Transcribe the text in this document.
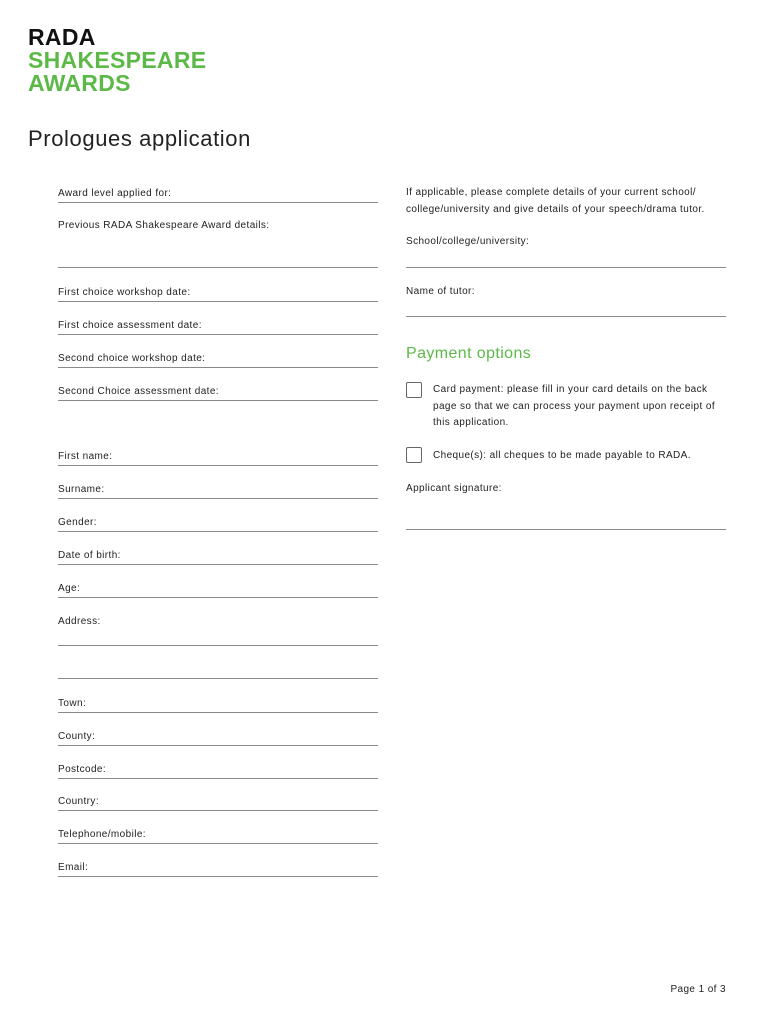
RADA
SHAKESPEARE
AWARDS
Prologues application
Award level applied for:
Previous RADA Shakespeare Award details:
First choice workshop date:
First choice assessment date:
Second choice workshop date:
Second Choice assessment date:
First name:
Surname:
Gender:
Date of birth:
Age:
Address:
Town:
County:
Postcode:
Country:
Telephone/mobile:
Email:
If applicable, please complete details of your current school/
college/university and give details of your speech/drama tutor.
School/college/university:
Name of tutor:
Payment options
Card payment: please fill in your card details on the back
page so that we can process your payment upon receipt of
this application.
Cheque(s): all cheques to be made payable to RADA.
Applicant signature:
Page 1 of 3
